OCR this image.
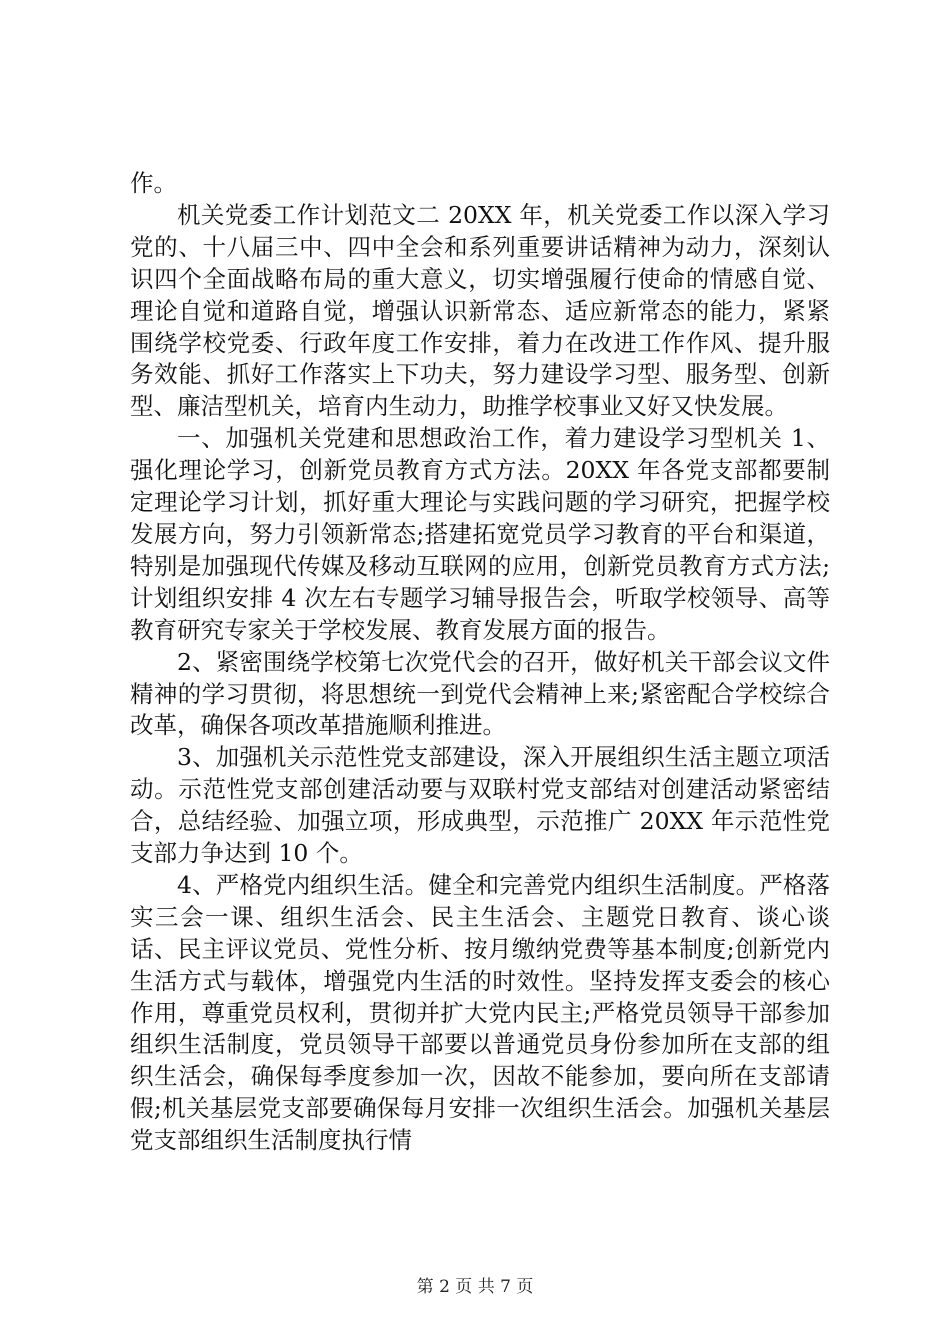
作。

机关党委工作计划范文二 20XX 年，机关党委工作以深入学习党的、十八届三中、四中全会和系列重要讲话精神为动力，深刻认识四个全面战略布局的重大意义，切实增强履行使命的情感自觉、理论自觉和道路自觉，增强认识新常态、适应新常态的能力，紧紧围绕学校党委、行政年度工作安排，着力在改进工作作风、提升服务效能、抓好工作落实上下功夫，努力建设学习型、服务型、创新型、廉洁型机关，培育内生动力，助推学校事业又好又快发展。

一、加强机关党建和思想政治工作，着力建设学习型机关 1、强化理论学习，创新党员教育方式方法。20XX 年各党支部都要制定理论学习计划，抓好重大理论与实践问题的学习研究，把握学校发展方向，努力引领新常态;搭建拓宽党员学习教育的平台和渠道，特别是加强现代传媒及移动互联网的应用，创新党员教育方式方法;计划组织安排 4 次左右专题学习辅导报告会，听取学校领导、高等教育研究专家关于学校发展、教育发展方面的报告。

2、紧密围绕学校第七次党代会的召开，做好机关干部会议文件精神的学习贯彻，将思想统一到党代会精神上来;紧密配合学校综合改革，确保各项改革措施顺利推进。

3、加强机关示范性党支部建设，深入开展组织生活主题立项活动。示范性党支部创建活动要与双联村党支部结对创建活动紧密结合，总结经验、加强立项，形成典型，示范推广 20XX 年示范性党支部力争达到 10 个。

4、严格党内组织生活。健全和完善党内组织生活制度。严格落实三会一课、组织生活会、民主生活会、主题党日教育、谈心谈话、民主评议党员、党性分析、按月缴纳党费等基本制度;创新党内生活方式与载体，增强党内生活的时效性。坚持发挥支委会的核心作用，尊重党员权利，贯彻并扩大党内民主;严格党员领导干部参加组织生活制度，党员领导干部要以普通党员身份参加所在支部的组织生活会，确保每季度参加一次，因故不能参加，要向所在支部请假;机关基层党支部要确保每月安排一次组织生活会。加强机关基层党支部组织生活制度执行情

第 2 页 共 7 页
